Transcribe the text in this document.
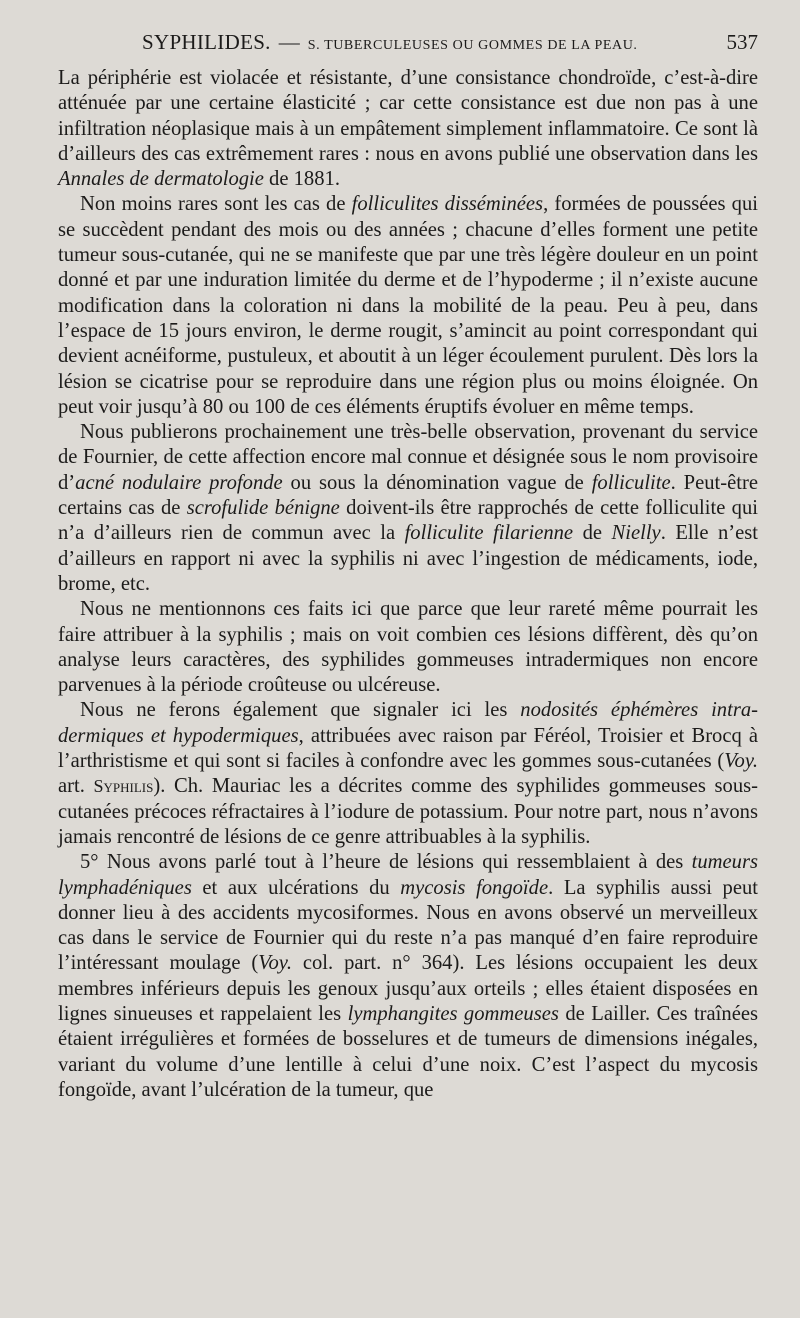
SYPHILIDES. — S. TUBERCULEUSES OU GOMMES DE LA PEAU.	537

La périphérie est violacée et résistante, d’une consistance chondroïde, c’est-à-dire atténuée par une certaine élasticité ; car cette consistance est due non pas à une infiltration néoplasique mais à un empâtement simplement inflammatoire. Ce sont là d’ailleurs des cas extrêmement rares : nous en avons publié une observation dans les Annales de dermatologie de 1881.

Non moins rares sont les cas de folliculites disséminées, formées de poussées qui se succèdent pendant des mois ou des années ; chacune d’elles forment une petite tumeur sous-cutanée, qui ne se manifeste que par une très légère douleur en un point donné et par une induration limitée du derme et de l’hypoderme ; il n’existe aucune modification dans la coloration ni dans la mobilité de la peau. Peu à peu, dans l’espace de 15 jours environ, le derme rougit, s’amincit au point correspondant qui devient acnéiforme, pustuleux, et aboutit à un léger écoulement purulent. Dès lors la lésion se cicatrise pour se reproduire dans une région plus ou moins éloignée. On peut voir jusqu’à 80 ou 100 de ces éléments éruptifs évoluer en même temps.

Nous publierons prochainement une très-belle observation, provenant du service de Fournier, de cette affection encore mal connue et désignée sous le nom provisoire d’acné nodulaire profonde ou sous la dénomination vague de folliculite. Peut-être certains cas de scrofulide bénigne doivent-ils être rapprochés de cette folliculite qui n’a d’ailleurs rien de commun avec la folliculite filarienne de Nielly. Elle n’est d’ailleurs en rapport ni avec la syphilis ni avec l’ingestion de médicaments, iode, brome, etc.

Nous ne mentionnons ces faits ici que parce que leur rareté même pourrait les faire attribuer à la syphilis ; mais on voit combien ces lésions diffèrent, dès qu’on analyse leurs caractères, des syphilides gommeuses intradermiques non encore parvenues à la période croûteuse ou ulcéreuse.

Nous ne ferons également que signaler ici les nodosités éphémères intra-dermiques et hypodermiques, attribuées avec raison par Féréol, Troisier et Brocq à l’arthristisme et qui sont si faciles à confondre avec les gommes sous-cutanées (Voy. art. Syphilis). Ch. Mauriac les a décrites comme des syphilides gommeuses sous-cutanées précoces réfractaires à l’iodure de potassium. Pour notre part, nous n’avons jamais rencontré de lésions de ce genre attribuables à la syphilis.

5° Nous avons parlé tout à l’heure de lésions qui ressemblaient à des tumeurs lymphadéniques et aux ulcérations du mycosis fongoïde. La syphilis aussi peut donner lieu à des accidents mycosiformes. Nous en avons observé un merveilleux cas dans le service de Fournier qui du reste n’a pas manqué d’en faire reproduire l’intéressant moulage (Voy. col. part. n° 364). Les lésions occupaient les deux membres inférieurs depuis les genoux jusqu’aux orteils ; elles étaient disposées en lignes sinueuses et rappelaient les lymphangites gommeuses de Lailler. Ces traînées étaient irrégulières et formées de bosselures et de tumeurs de dimensions inégales, variant du volume d’une lentille à celui d’une noix. C’est l’aspect du mycosis fongoïde, avant l’ulcération de la tumeur, que
